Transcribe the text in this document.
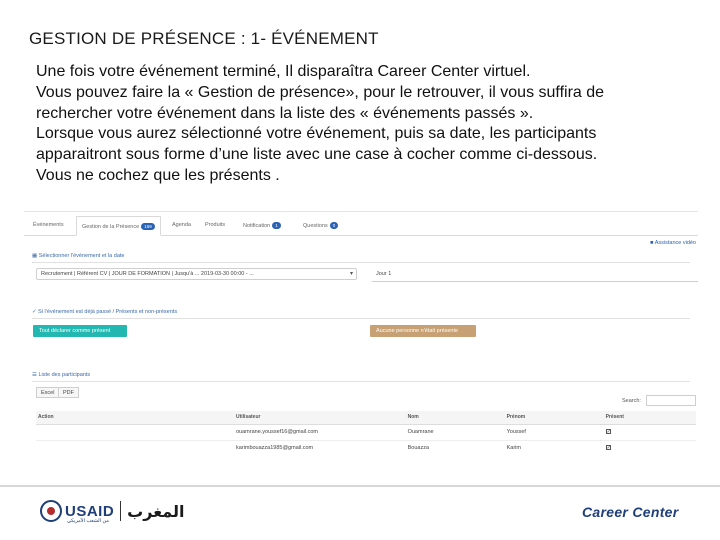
GESTION DE PRÉSENCE : 1- ÉVÉNEMENT

Une fois votre événement terminé, Il disparaîtra Career Center virtuel.

Vous pouvez faire la « Gestion de présence», pour le retrouver, il vous suffira de

rechercher votre événement dans la liste des « événements passés ».

Lorsque vous aurez sélectionné votre événement, puis sa date, les participants

apparaitront sous forme d’une liste avec une case à cocher comme ci-dessous.

Vous ne cochez que les présents .

Événements	Gestion de la Présence 169	Agenda	Produits	Notification 1	Questions 0
■ Assistance vidéo
▦ Sélectionner l'événement et la date
Recrutement | Référent CV | JOUR DE FORMATION | Jusqu'à ... 2019-03-30 00:00 - ...	▾	Jour 1
✓ Si l'événement est déjà passé / Présents et non-présents
Tout déclarer comme présent	Aucune personne n'était présente
☰ Liste des participants
Excel	PDF
Search:
Action	Utilisateur	Nom	Prénom	Présent
	ouamrane.youssef16@gmail.com	Ouamrane	Youssef	✓
	karimbouazza1985@gmail.com	Bouazza	Karim	✓
USAID
من الشعب الأمريكي
المغرب	Career Center
